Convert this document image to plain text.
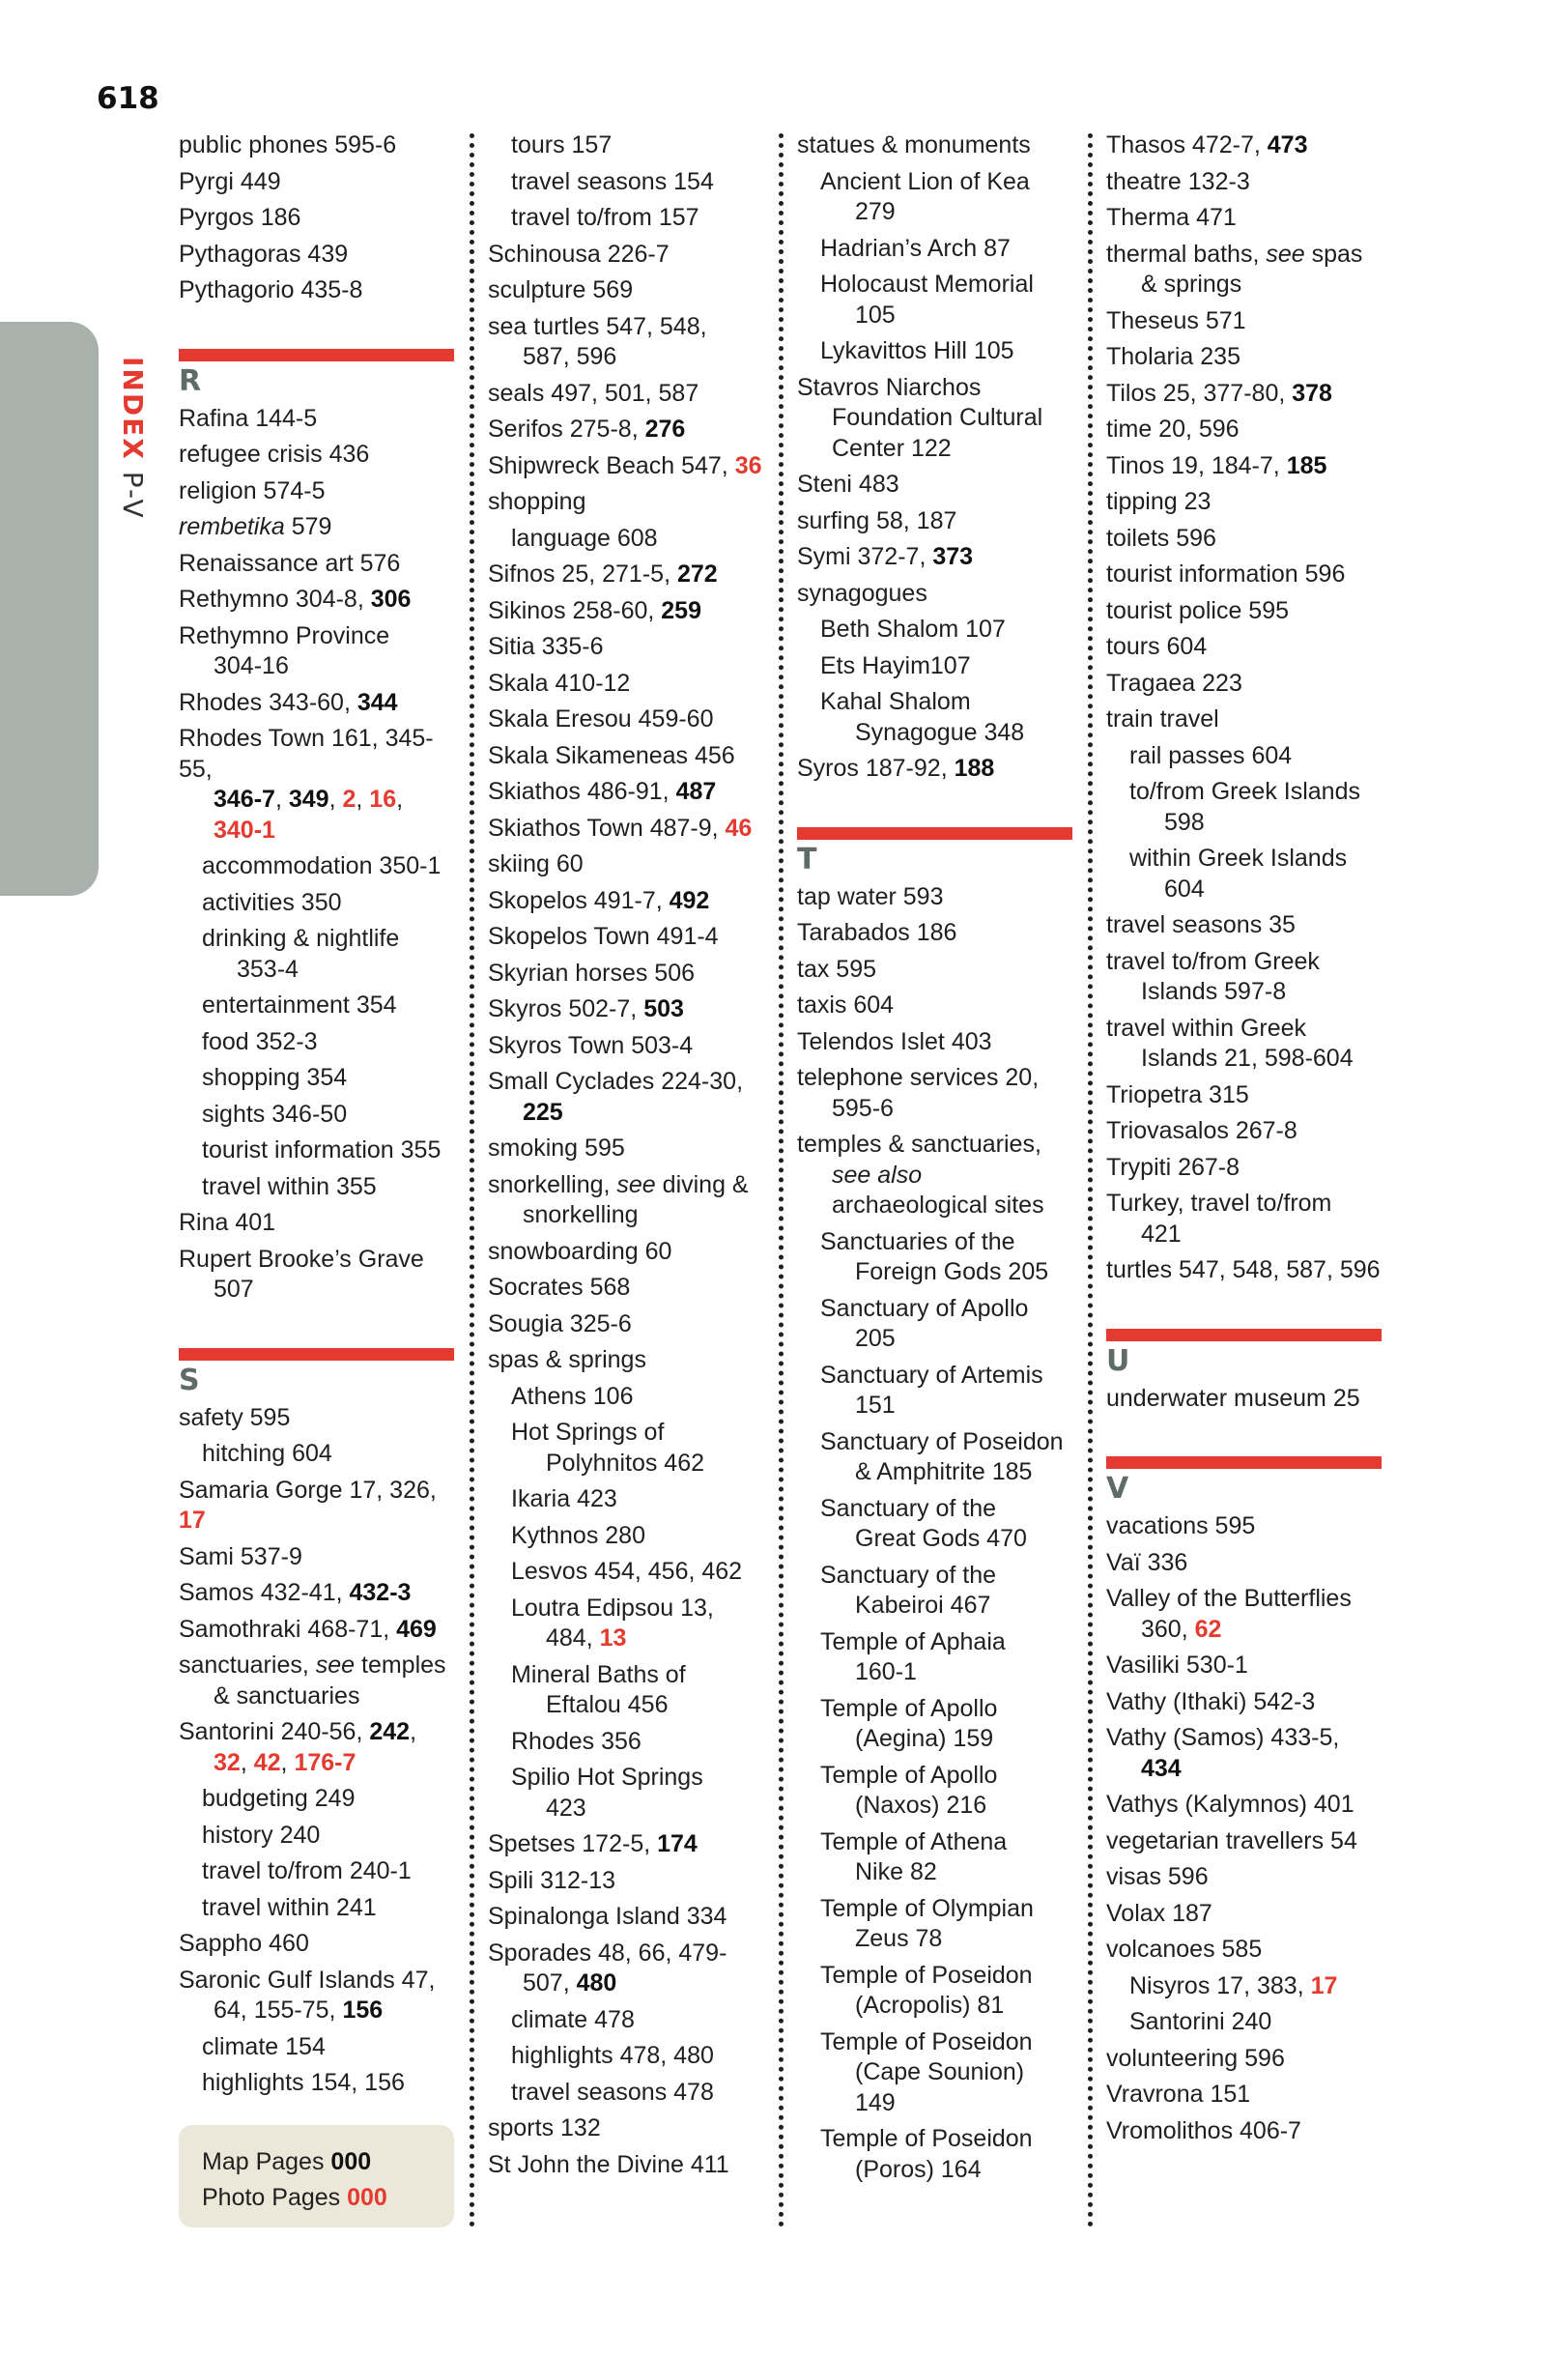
618
INDEX P-V
public phones 595-6
Pyrgi 449
Pyrgos 186
Pythagoras 439
Pythagorio 435-8
R
Rafina 144-5
refugee crisis 436
religion 574-5
rembetika 579
Renaissance art 576
Rethymno 304-8, 306
Rethymno Province
304-16
Rhodes 343-60, 344
Rhodes Town 161, 345-55,
346-7, 349, 2, 16,
340-1
accommodation 350-1
activities 350
drinking & nightlife
353-4
entertainment 354
food 352-3
shopping 354
sights 346-50
tourist information 355
travel within 355
Rina 401
Rupert Brooke’s Grave
507
S
safety 595
hitching 604
Samaria Gorge 17, 326, 17
Sami 537-9
Samos 432-41, 432-3
Samothraki 468-71, 469
sanctuaries, see temples
& sanctuaries
Santorini 240-56, 242,
32, 42, 176-7
budgeting 249
history 240
travel to/from 240-1
travel within 241
Sappho 460
Saronic Gulf Islands 47,
64, 155-75, 156
climate 154
highlights 154, 156
tours 157
travel seasons 154
travel to/from 157
Schinousa 226-7
sculpture 569
sea turtles 547, 548,
587, 596
seals 497, 501, 587
Serifos 275-8, 276
Shipwreck Beach 547, 36
shopping
language 608
Sifnos 25, 271-5, 272
Sikinos 258-60, 259
Sitia 335-6
Skala 410-12
Skala Eresou 459-60
Skala Sikameneas 456
Skiathos 486-91, 487
Skiathos Town 487-9, 46
skiing 60
Skopelos 491-7, 492
Skopelos Town 491-4
Skyrian horses 506
Skyros 502-7, 503
Skyros Town 503-4
Small Cyclades 224-30,
225
smoking 595
snorkelling, see diving &
snorkelling
snowboarding 60
Socrates 568
Sougia 325-6
spas & springs
Athens 106
Hot Springs of
Polyhnitos 462
Ikaria 423
Kythnos 280
Lesvos 454, 456, 462
Loutra Edipsou 13,
484, 13
Mineral Baths of
Eftalou 456
Rhodes 356
Spilio Hot Springs
423
Spetses 172-5, 174
Spili 312-13
Spinalonga Island 334
Sporades 48, 66, 479-
507, 480
climate 478
highlights 478, 480
travel seasons 478
sports 132
St John the Divine 411
statues & monuments
Ancient Lion of Kea
279
Hadrian’s Arch 87
Holocaust Memorial
105
Lykavittos Hill 105
Stavros Niarchos
Foundation Cultural
Center 122
Steni 483
surfing 58, 187
Symi 372-7, 373
synagogues
Beth Shalom 107
Ets Hayim107
Kahal Shalom
Synagogue 348
Syros 187-92, 188
T
tap water 593
Tarabados 186
tax 595
taxis 604
Telendos Islet 403
telephone services 20,
595-6
temples & sanctuaries,
see also
archaeological sites
Sanctuaries of the
Foreign Gods 205
Sanctuary of Apollo
205
Sanctuary of Artemis
151
Sanctuary of Poseidon
& Amphitrite 185
Sanctuary of the
Great Gods 470
Sanctuary of the
Kabeiroi 467
Temple of Aphaia
160-1
Temple of Apollo
(Aegina) 159
Temple of Apollo
(Naxos) 216
Temple of Athena
Nike 82
Temple of Olympian
Zeus 78
Temple of Poseidon
(Acropolis) 81
Temple of Poseidon
(Cape Sounion)
149
Temple of Poseidon
(Poros) 164
Thasos 472-7, 473
theatre 132-3
Therma 471
thermal baths, see spas
& springs
Theseus 571
Tholaria 235
Tilos 25, 377-80, 378
time 20, 596
Tinos 19, 184-7, 185
tipping 23
toilets 596
tourist information 596
tourist police 595
tours 604
Tragaea 223
train travel
rail passes 604
to/from Greek Islands
598
within Greek Islands
604
travel seasons 35
travel to/from Greek
Islands 597-8
travel within Greek
Islands 21, 598-604
Triopetra 315
Triovasalos 267-8
Trypiti 267-8
Turkey, travel to/from
421
turtles 547, 548, 587, 596
U
underwater museum 25
V
vacations 595
Vaï 336
Valley of the Butterflies
360, 62
Vasiliki 530-1
Vathy (Ithaki) 542-3
Vathy (Samos) 433-5,
434
Vathys (Kalymnos) 401
vegetarian travellers 54
visas 596
Volax 187
volcanoes 585
Nisyros 17, 383, 17
Santorini 240
volunteering 596
Vravrona 151
Vromolithos 406-7
Map Pages 000
Photo Pages 000
